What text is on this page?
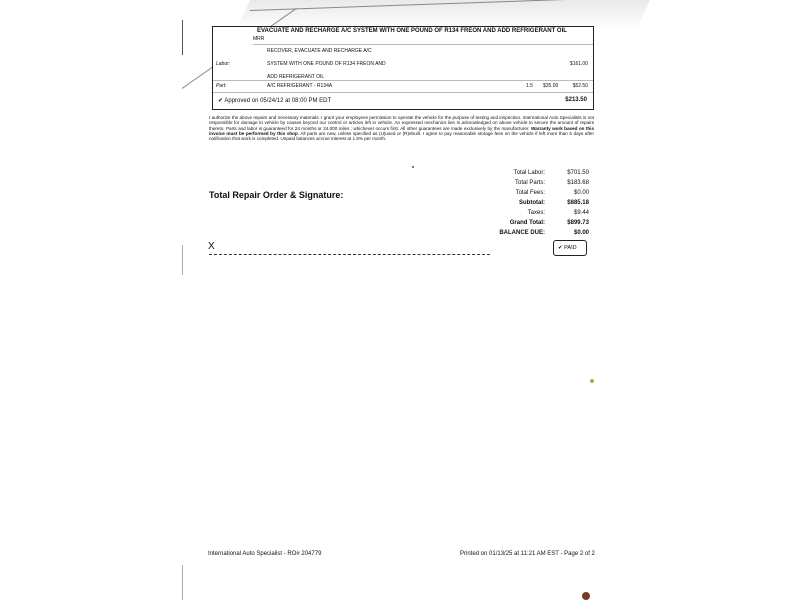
EVACUATE AND RECHARGE A/C SYSTEM WITH ONE POUND OF R134 FREON AND ADD REFRIGERANT OIL
MRR
RECOVER, EVACUATE AND RECHARGE A/C
Labor:	SYSTEM WITH ONE POUND OF R134 FREON AND	$161.00
ADD REFRIGERANT OIL
Part:	A/C REFRIGERANT - R134A	1.5 $35.00	$52.50
✔ Approved on 05/24/12 at 08:00 PM EDT	$213.50
I authorize the above repairs and necessary materials. I grant your employees permission to operate the vehicle for the purpose of testing and inspection. International Auto Specialists is not responsible for damage to vehicle by causes beyond our control or articles left in vehicle. An expressed mechanics lien is acknowledged on above vehicle to secure the amount of repairs thereto. Parts and labor is guaranteed for 24 months or 24,000 miles ; whichever occurs first. All other guarantees are made exclusively by the manufacturer. Warranty work based on this invoice must be performed by this shop. All parts are new, unless specified as (U)used or (R)ebuilt. I agree to pay reasonable storage fees on the vehicle if left more than 5 days after notification that work is completed. Unpaid balances accrue interest at 1.5% per month.
Total Labor:	$701.50
Total Parts:	$183.68
Total Fees:	$0.00
Subtotal:	$885.18
Taxes:	$9.44
Grand Total:	$899.73
BALANCE DUE:	$0.00
Total Repair Order & Signature:
X	✔
PAID
International Auto Specialist - RO# 204779	Printed on 01/13/25 at 11:21 AM EST - Page 2 of 2
